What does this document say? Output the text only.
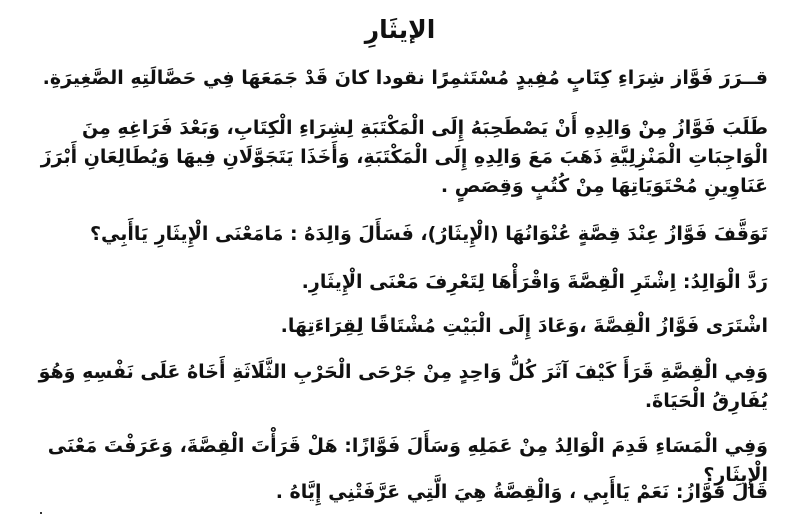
الإيثَارِ
قــرَرَ فَوَّاز شِرَاءِ كِتَابٍ مُفِيدٍ مُسْتَثمِرًا نقودا كانَ قَدْ جَمَعَهَا فِي حَصَّالَتِهِ الصَّغِيرَةِ.
طَلَبَ فَوَّازُ مِنْ وَالِدِهِ أَنْ يَصْطَحِبَهُ إِلَى الْمَكْتَبَةِ لِشِرَاءِ الْكِتَابِ، وَبَعْدَ فَرَاغِهِ مِنَ الْوَاجِبَاتِ الْمَنْزِلِيَّةِ ذَهَبَ مَعَ وَالِدِهِ إِلَى الْمَكْتَبَةِ، وَأَخَذَا يَتَجَوَّلَانِ فِيهَا وَيُطَالِعَانِ أَبْرَزَ عَنَاوِينِ مُحْتَوَيَاتِهَا مِنْ كُتُبٍ وَقِصَصٍ .
تَوَقَّفَ فَوَّازُ عِنْدَ قِصَّةٍ عُنْوَانُهَا (الْإِيثَارُ)، فَسَأَلَ وَالِدَهُ : مَامَعْنَى الْإِيثَارِ يَاأَبِي؟
رَدَّ الْوَالِدُ: اِشْتَرِ الْقِصَّةَ وَاقْرَأْهَا لِتَعْرِفَ مَعْنَى الْإِيثَارِ.
اشْتَرَى فَوَّازُ الْقِصَّةَ ،وَعَادَ إِلَى الْبَيْتِ مُشْتَاقًا لِقِرَاءَتِهَا.
وَفِي الْقِصَّةِ قَرَأَ كَيْفَ آثَرَ كُلُّ وَاحِدٍ مِنْ جَرْحَى الْحَرْبِ الثَّلَاثَةِ أَخَاهُ عَلَى نَفْسِهِ وَهُوَ يُفَارِقُ الْحَيَاةَ.
وَفِي الْمَسَاءِ قَدِمَ الْوَالِدُ مِنْ عَمَلِهِ وَسَأَلَ فَوَّازًا: هَلْ قَرَأْتَ الْقِصَّةَ، وَعَرَفْتَ مَعْنَى الْإِيثَارِ؟
قَالَ فَوَّازُ: نَعَمْ يَاأَبِي ، وَالْقِصَّةُ هِيَ الَّتِي عَرَّفَتْنِي إِيَّاهُ .
